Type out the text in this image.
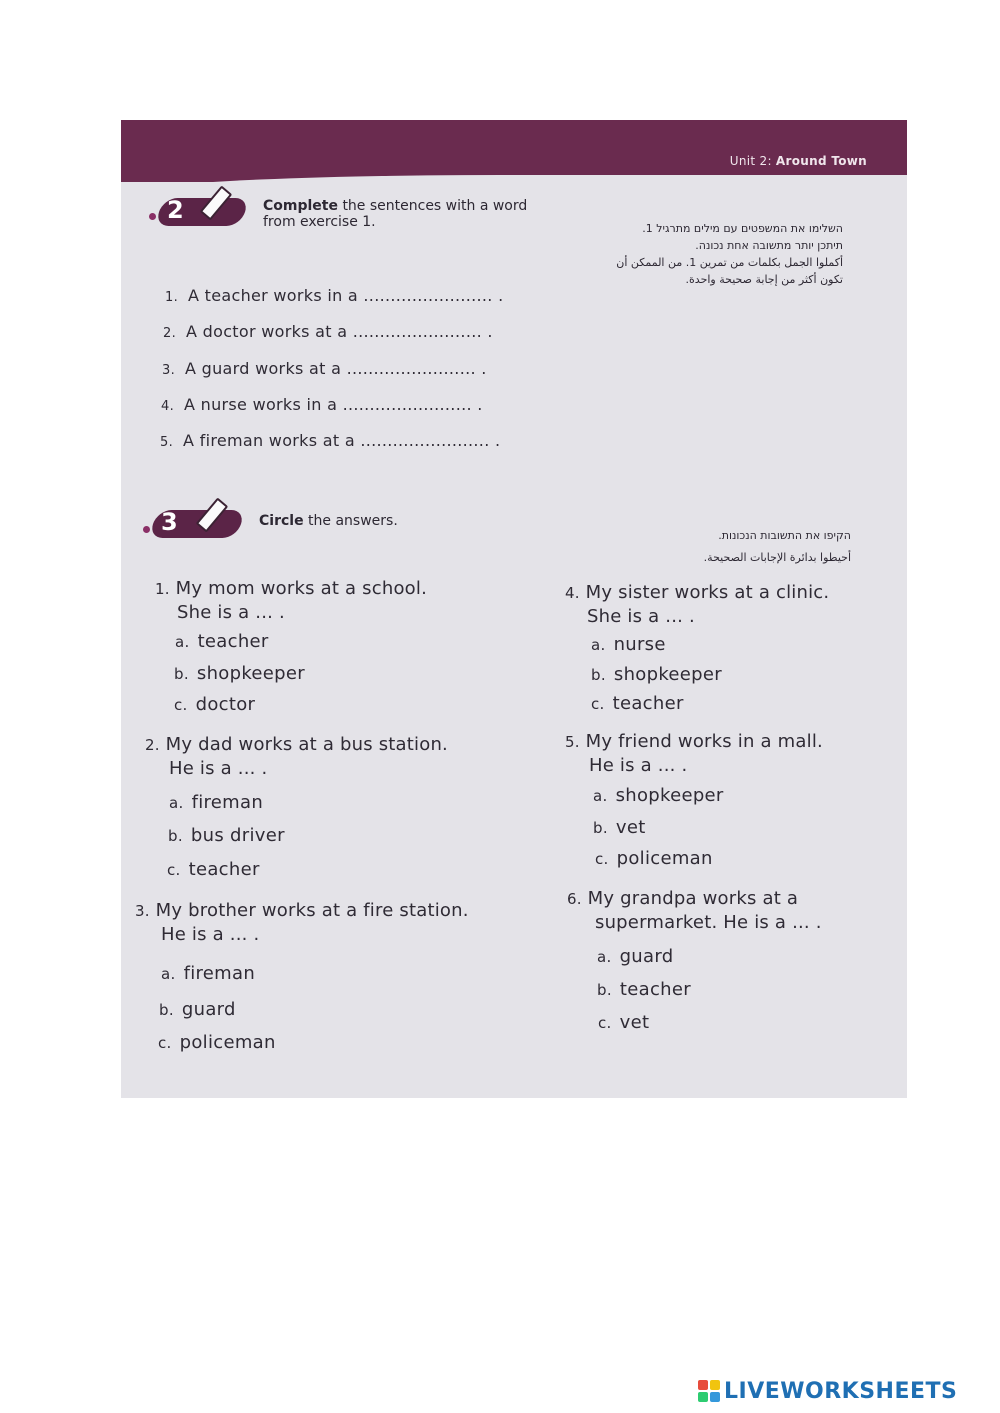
Unit 2: Around Town
2	Complete the sentences with a word
from exercise 1.	השלימו את המשפטים עם מילים מתרגיל 1.
תיתכן יותר מתשובה אחת נכונה.
أكملوا الجمل بكلمات من تمرين 1. من الممكن أن
تكون أكثر من إجابة صحيحة واحدة.
1. A teacher works in a ........................ .
2. A doctor works at a ........................ .
3. A guard works at a ........................ .
4. A nurse works in a ........................ .
5. A fireman works at a ........................ .
3	Circle the answers.
הקיפו את התשובות הנכונות.
أحيطوا بدائرة الإجابات الصحيحة.
1. My mom works at a school.
She is a ... .
a. teacher
b. shopkeeper
c. doctor
2. My dad works at a bus station.
He is a ... .
a. fireman
b. bus driver
c. teacher
3. My brother works at a fire station.
He is a ... .
a. fireman
b. guard
c. policeman
4. My sister works at a clinic.
She is a ... .
a. nurse
b. shopkeeper
c. teacher
5. My friend works in a mall.
He is a ... .
a. shopkeeper
b. vet
c. policeman
6. My grandpa works at a
supermarket. He is a ... .
a. guard
b. teacher
c. vet
LIVEWORKSHEETS
